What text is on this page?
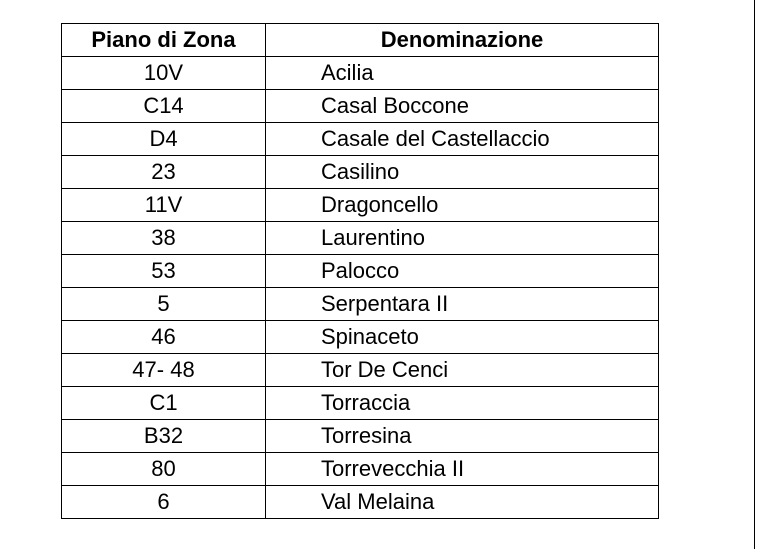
Piano di Zona	Denominazione
10V	Acilia
C14	Casal Boccone
D4	Casale del Castellaccio
23	Casilino
11V	Dragoncello
38	Laurentino
53	Palocco
5	Serpentara II
46	Spinaceto
47- 48	Tor De Cenci
C1	Torraccia
B32	Torresina
80	Torrevecchia II
6	Val Melaina
